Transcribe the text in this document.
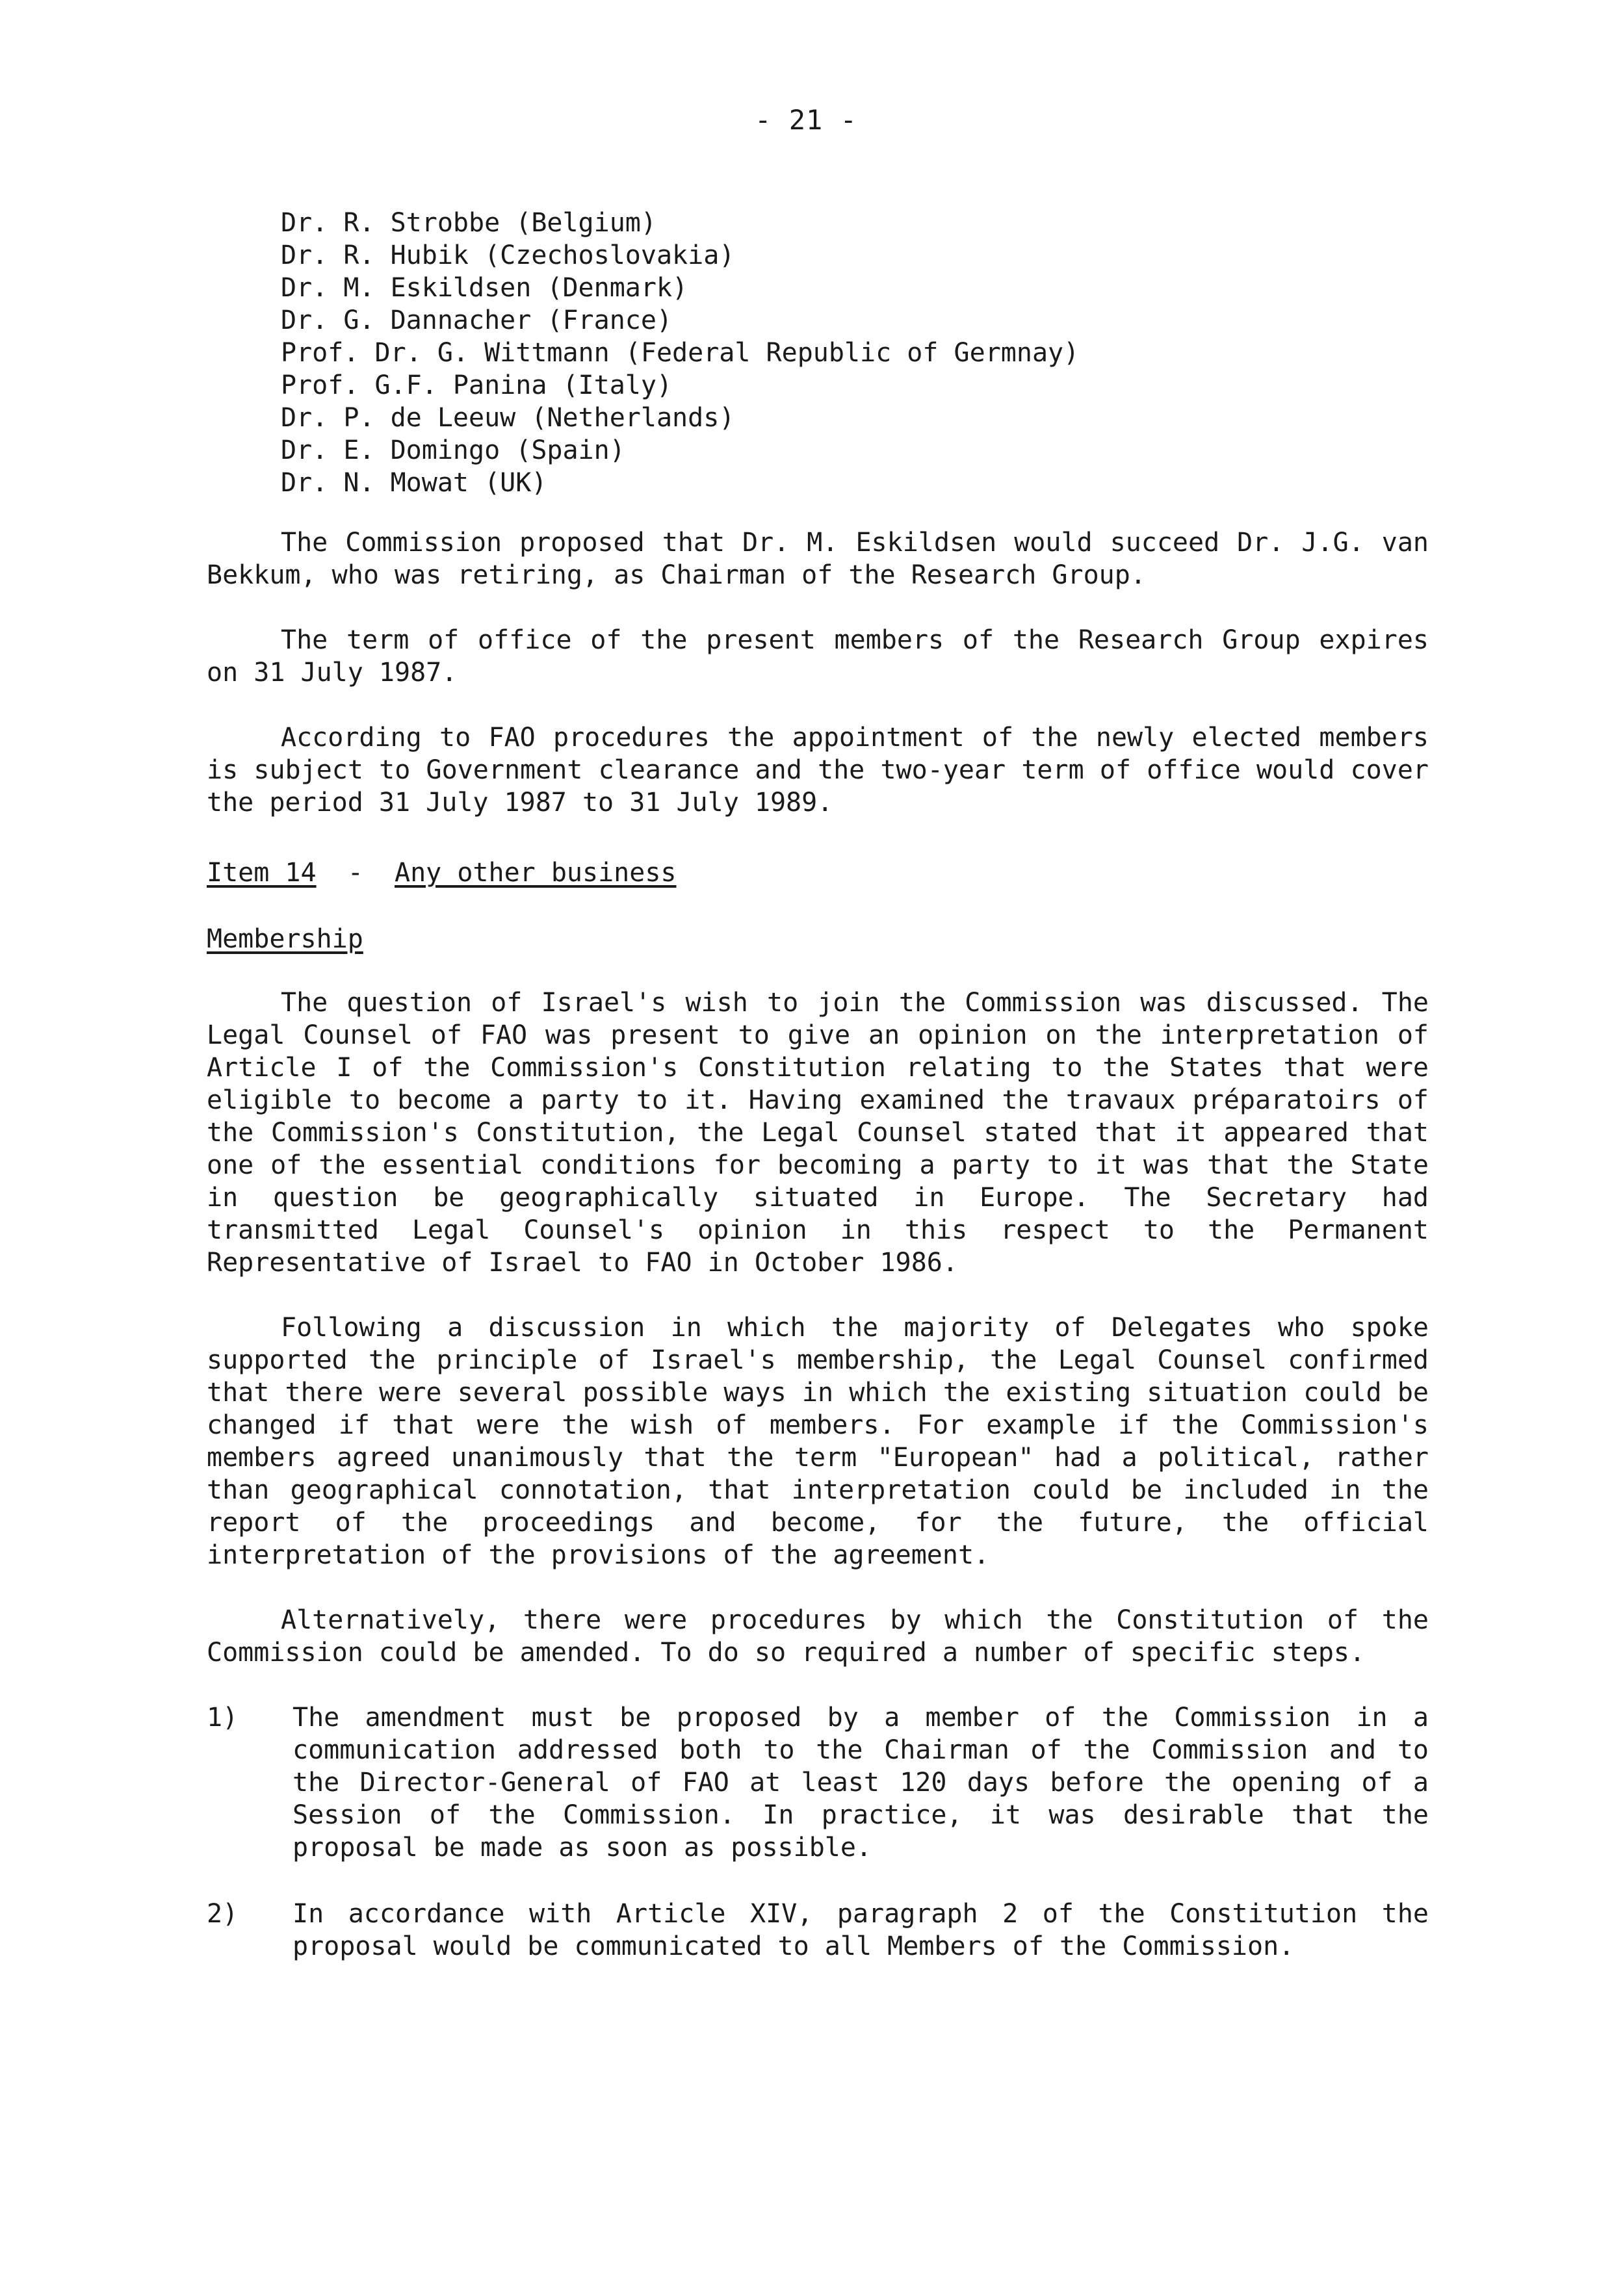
- 21 -
Dr. R. Strobbe (Belgium)
Dr. R. Hubik (Czechoslovakia)
Dr. M. Eskildsen (Denmark)
Dr. G. Dannacher (France)
Prof. Dr. G. Wittmann (Federal Republic of Germnay)
Prof. G.F. Panina (Italy)
Dr. P. de Leeuw (Netherlands)
Dr. E. Domingo (Spain)
Dr. N. Mowat (UK)

The Commission proposed that Dr. M. Eskildsen would succeed Dr. J.G. van Bekkum, who was retiring, as Chairman of the Research Group.

The term of office of the present members of the Research Group expires on 31 July 1987.

According to FAO procedures the appointment of the newly elected members is subject to Government clearance and the two-year term of office would cover the period 31 July 1987 to 31 July 1989.

Item 14 - Any other business
Membership

The question of Israel's wish to join the Commission was discussed. The Legal Counsel of FAO was present to give an opinion on the interpretation of Article I of the Commission's Constitution relating to the States that were eligible to become a party to it. Having examined the travaux préparatoirs of the Commission's Constitution, the Legal Counsel stated that it appeared that one of the essential conditions for becoming a party to it was that the State in question be geographically situated in Europe. The Secretary had transmitted Legal Counsel's opinion in this respect to the Permanent Representative of Israel to FAO in October 1986.

Following a discussion in which the majority of Delegates who spoke supported the principle of Israel's membership, the Legal Counsel confirmed that there were several possible ways in which the existing situation could be changed if that were the wish of members. For example if the Commission's members agreed unanimously that the term "European" had a political, rather than geographical connotation, that interpretation could be included in the report of the proceedings and become, for the future, the official interpretation of the provisions of the agreement.

Alternatively, there were procedures by which the Constitution of the Commission could be amended. To do so required a number of specific steps.

1) The amendment must be proposed by a member of the Commission in a communication addressed both to the Chairman of the Commission and to the Director-General of FAO at least 120 days before the opening of a Session of the Commission. In practice, it was desirable that the proposal be made as soon as possible.
2) In accordance with Article XIV, paragraph 2 of the Constitution the proposal would be communicated to all Members of the Commission.
